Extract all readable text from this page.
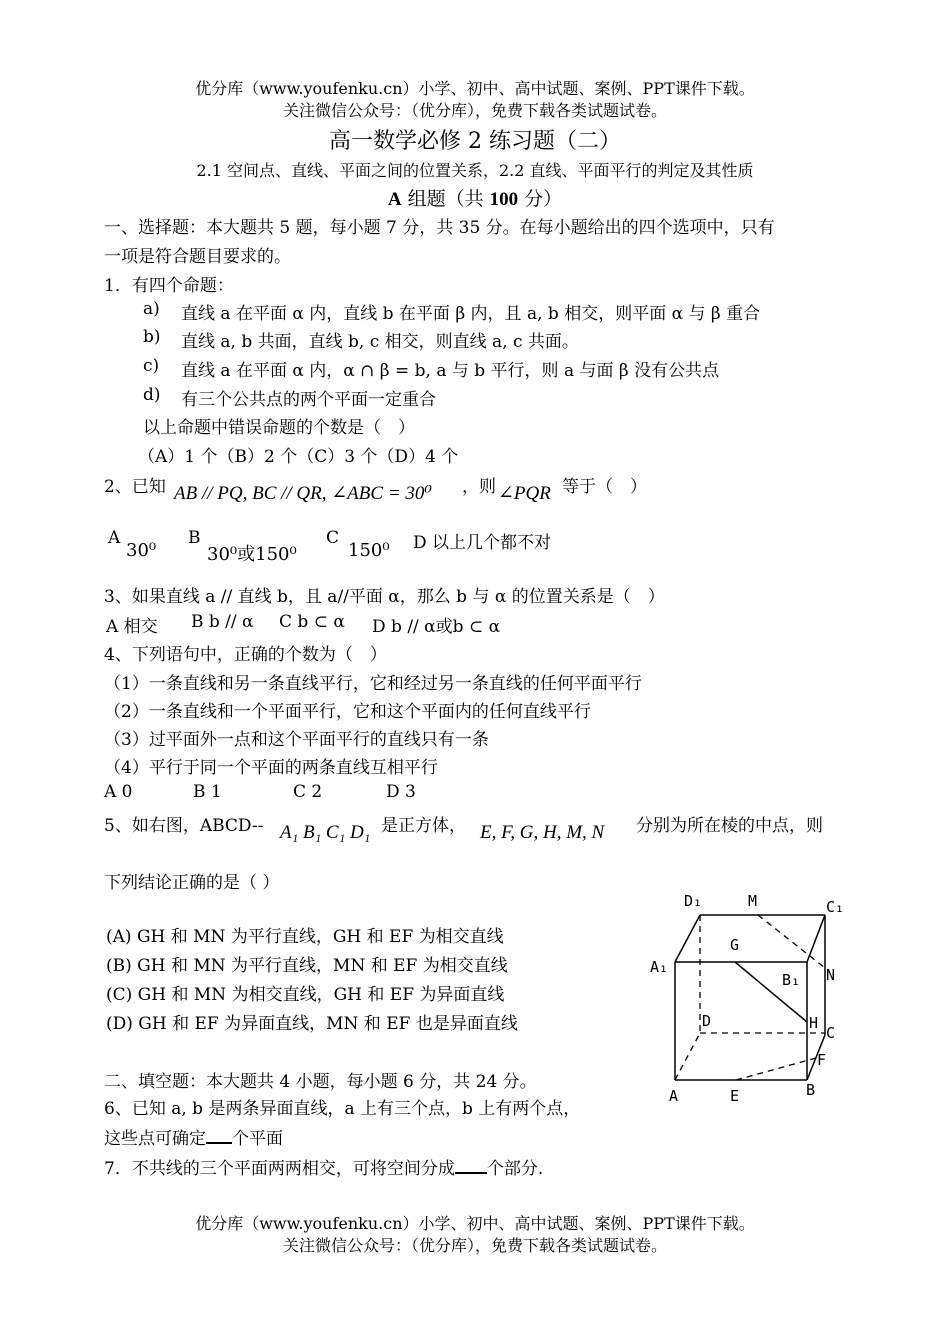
优分库（www.youfenku.cn）小学、初中、高中试题、案例、PPT课件下载。
关注微信公众号：（优分库），免费下载各类试题试卷。
高一数学必修 2 练习题（二）
2.1 空间点、直线、平面之间的位置关系，2.2 直线、平面平行的判定及其性质
A 组题（共 100 分）
一、选择题：本大题共 5 题，每小题 7 分，共 35 分。在每小题给出的四个选项中，只有
一项是符合题目要求的。
1．有四个命题：
a) 直线 a 在平面 α 内，直线 b 在平面 β 内，且 a, b 相交，则平面 α 与 β 重合
b) 直线 a, b 共面，直线 b, c 相交，则直线 a, c 共面。
c) 直线 a 在平面 α 内，α ∩ β = b, a 与 b 平行，则 a 与面 β 没有公共点
d) 有三个公共点的两个平面一定重合
以上命题中错误命题的个数是（　）
（A）1 个（B）2 个（C）3 个（D）4 个
2、已知 AB // PQ, BC // QR, ∠ABC = 30⁰ ，则 ∠PQR 等于（　）
A
30⁰
B
30⁰或150⁰
C
150⁰ D 以上几个都不对
3、如果直线 a // 直线 b，且 a//平面 α，那么 b 与 α 的位置关系是（　）
A 相交 B b // α C b ⊂ α D b // α或b ⊂ α
4、下列语句中，正确的个数为（　）
（1）一条直线和另一条直线平行，它和经过另一条直线的任何平面平行
（2）一条直线和一个平面平行，它和这个平面内的任何直线平行
（3）过平面外一点和这个平面平行的直线只有一条
（4）平行于同一个平面的两条直线互相平行
A 0	B 1	C 2	D 3
5、如右图，ABCD-- A₁ B₁ C₁ D₁ 是正方体， E, F, G, H, M, N 分别为所在棱的中点，则
下列结论正确的是（ ）
(A) GH 和 MN 为平行直线，GH 和 EF 为相交直线
(B) GH 和 MN 为平行直线，MN 和 EF 为相交直线
(C) GH 和 MN 为相交直线，GH 和 EF 为异面直线
(D) GH 和 EF 为异面直线，MN 和 EF 也是异面直线
二、填空题：本大题共 4 小题，每小题 6 分，共 24 分。
6、已知 a, b 是两条异面直线，a 上有三个点，b 上有两个点，
这些点可确定 个平面
7．不共线的三个平面两两相交，可将空间分成 个部分.
D₁	M	C₁
G
A₁
B₁ N
D	H
C
F
A	E	B
优分库（www.youfenku.cn）小学、初中、高中试题、案例、PPT课件下载。
关注微信公众号：（优分库），免费下载各类试题试卷。
